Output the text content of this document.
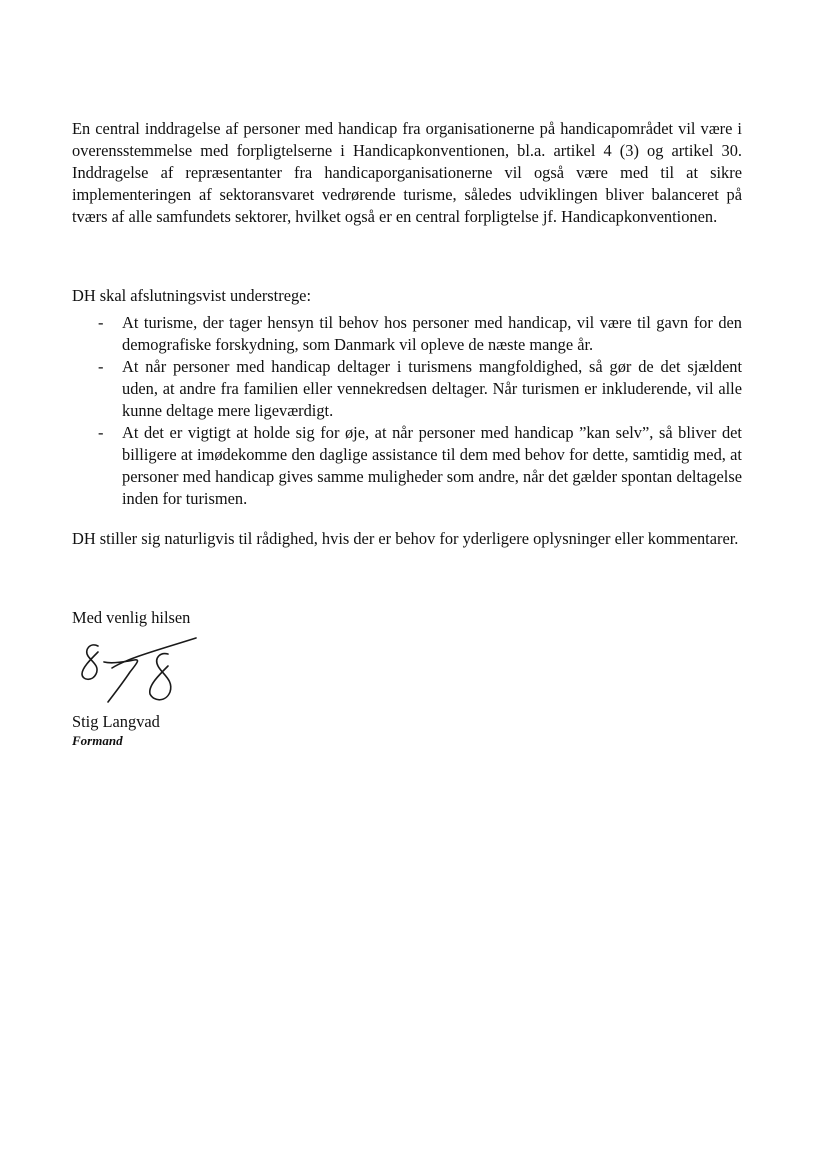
En central inddragelse af personer med handicap fra organisationerne på handicapområdet vil være i overensstemmelse med forpligtelserne i Handicapkonventionen, bl.a. artikel 4 (3) og artikel 30. Inddragelse af repræsentanter fra handicaporganisationerne vil også være med til at sikre implementeringen af sektoransvaret vedrørende turisme, således udviklingen bliver balanceret på tværs af alle samfundets sektorer, hvilket også er en central forpligtelse jf. Handicapkonventionen.

DH skal afslutningsvist understrege:

- At turisme, der tager hensyn til behov hos personer med handicap, vil være til gavn for den demografiske forskydning, som Danmark vil opleve de næste mange år.
- At når personer med handicap deltager i turismens mangfoldighed, så gør de det sjældent uden, at andre fra familien eller vennekredsen deltager. Når turismen er inkluderende, vil alle kunne deltage mere ligeværdigt.
- At det er vigtigt at holde sig for øje, at når personer med handicap ”kan selv”, så bliver det billigere at imødekomme den daglige assistance til dem med behov for dette, samtidig med, at personer med handicap gives samme muligheder som andre, når det gælder spontan deltagelse inden for turismen.

DH stiller sig naturligvis til rådighed, hvis der er behov for yderligere oplysninger eller kommentarer.

Med venlig hilsen

Stig Langvad

Formand
